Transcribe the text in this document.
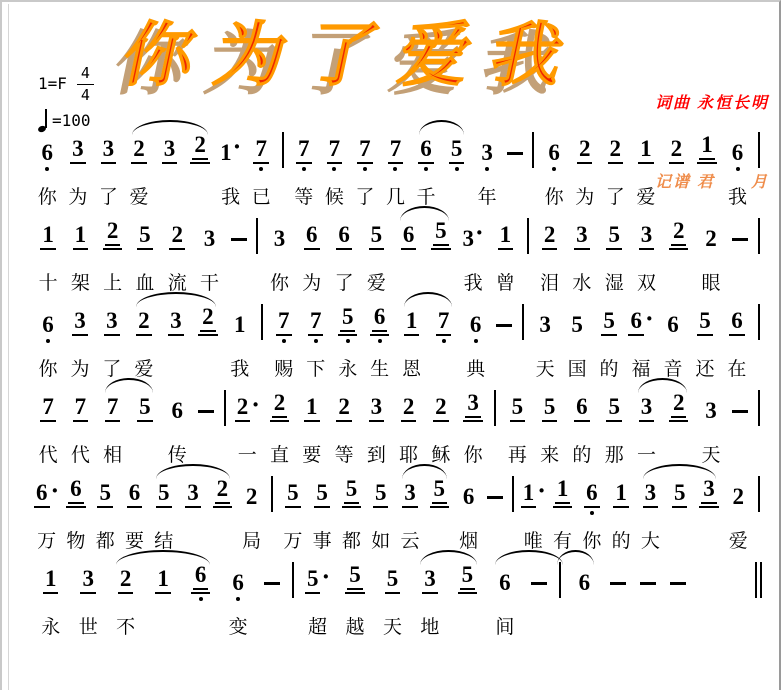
你为了爱我

词曲 永恒长明

记谱 君　　月

$1=F \frac{4}{4}$
=100
6
你
3
为
3
了
2
爱
3 2 1 ·
我
7
已
7
等
7
候
7
了
7
几
6
千
5 3
年
6
你
2
为
2
了
1
爱
2 1 6
我
1
十
1
架
2
上
5
血
2
流
3
干
3
你
6
为
6
了
5
爱
6 5 3 ·
我
1
曾
2
泪
3
水
5
湿
3
双
2 2
眼
6
你
3
为
3
了
2
爱
3 2 1
我
7
赐
7
下
5
永
6
生
1
恩
7 6
典
3
天
5
国
5
的
6 ·
福
6
音
5
还
6
在
7
代
7
代
7
相
5 6
传
2 ·
一
2
直
1
要
2
等
3
到
2
耶
2
稣
3
你
5
再
5
来
6
的
5
那
3
一
2 3
天
6 ·
万
6
物
5
都
6
要
5
结
3 2 2
局
5
万
5
事
5
都
5
如
3
云
5 6
烟
1 ·
唯
1
有
6
你
1
的
3
大
5 3 2
爱
1
永
3
世
2
不
1 6 6
变
5 ·
超
5
越
5
天
3
地
5 6
间
6
